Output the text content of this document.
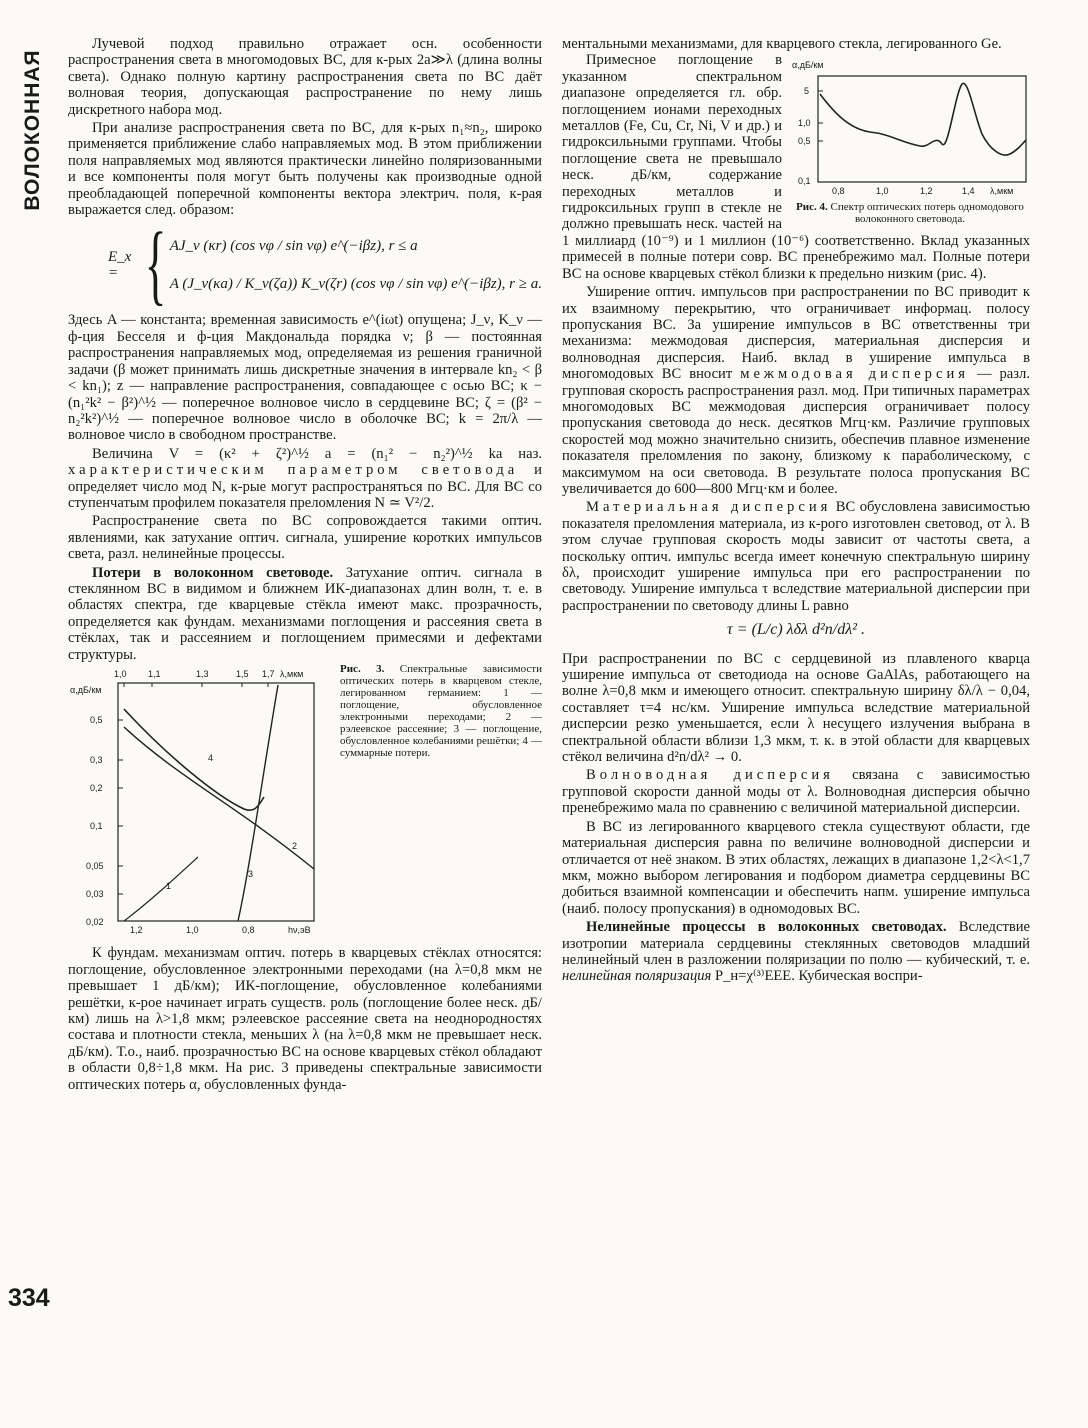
ВОЛОКОННАЯ
334

Лучевой подход правильно отражает осн. особенности распространения света в многомодовых ВС, для к-рых 2a≫λ (длина волны света). Однако полную картину распространения света по ВС даёт волновая теория, допускающая распространение по нему лишь дискретного набора мод.

При анализе распространения света по ВС, для к-рых n₁≈n₂, широко применяется приближение слабо направляемых мод. В этом приближении поля направляемых мод являются практически линейно поляризованными и все компоненты поля могут быть получены как производные одной преобладающей поперечной компоненты вектора электрич. поля, к-рая выражается след. образом:

E_x = { AJ_ν (κr) (cos νφ / sin νφ) e^(−iβz), r ≤ a
A (J_ν(κa) / K_ν(ζa)) K_ν(ζr) (cos νφ / sin νφ) e^(−iβz), r ≥ a.

Здесь A — константа; временная зависимость e^(iωt) опущена; J_ν, K_ν — ф-ция Бесселя и ф-ция Макдональда порядка ν; β — постоянная распространения направляемых мод, определяемая из решения граничной задачи (β может принимать лишь дискретные значения в интервале kn₂ < β < kn₁); z — направление распространения, совпадающее с осью ВС; κ − (n₁²k² − β²)^½ — поперечное волновое число в сердцевине ВС; ζ = (β² − n₂²k²)^½ — поперечное волновое число в оболочке ВС; k = 2π/λ — волновое число в свободном пространстве.

Величина V = (κ² + ζ²)^½ a = (n₁² − n₂²)^½ ka наз. характеристическим параметром световода и определяет число мод N, к-рые могут распространяться по ВС. Для ВС со ступенчатым профилем показателя преломления N ≃ V²/2.

Распространение света по ВС сопровождается такими оптич. явлениями, как затухание оптич. сигнала, уширение коротких импульсов света, разл. нелинейные процессы.

Потери в волоконном световоде. Затухание оптич. сигнала в стеклянном ВС в видимом и ближнем ИК-диапазонах длин волн, т. е. в областях спектра, где кварцевые стёкла имеют макс. прозрачность, определяется как фундам. механизмами поглощения и рассеяния света в стёклах, так и рассеянием и поглощением примесями и дефектами структуры.

1,0 1,1	1,3	1,5 1,7 λ,мкм
α,дБ/км
0,5
0,3
0,2
0,1
0,05
0,03
0,02
1,2	1,0	0,8	hν,эВ
4
2
3
1
Рис. 3. Спектральные зависимости оптических потерь в кварцевом стекле, легированном германием: 1 — поглощение, обусловленное электронными переходами; 2 — рэлеевское рассеяние; 3 — поглощение, обусловленное колебаниями решётки; 4 — суммарные потери.

К фундам. механизмам оптич. потерь в кварцевых стёклах относятся: поглощение, обусловленное электронными переходами (на λ=0,8 мкм не превышает 1 дБ/км); ИК-поглощение, обусловленное колебаниями решётки, к-рое начинает играть существ. роль (поглощение более неск. дБ/км) лишь на λ>1,8 мкм; рэлеевское рассеяние света на неоднородностях состава и плотности стекла, меньших λ (на λ=0,8 мкм не превышает неск. дБ/км). Т.о., наиб. прозрачностью ВС на основе кварцевых стёкол обладают в области 0,8÷1,8 мкм. На рис. 3 приведены спектральные зависимости оптических потерь α, обусловленных фунда-

ментальными механизмами, для кварцевого стекла, легированного Ge.

α,дБ/км
5
1,0
0,5
0,1
0,8	1,0	1,2	1,4 λ,мкм
Рис. 4. Спектр оптических потерь одномодового волоконного световода.

Примесное поглощение в указанном спектральном диапазоне определяется гл. обр. поглощением ионами переходных металлов (Fe, Cu, Cr, Ni, V и др.) и гидроксильными группами. Чтобы поглощение света не превышало неск. дБ/км, содержание переходных металлов и гидроксильных групп в стекле не должно превышать неск. частей на 1 миллиард (10⁻⁹) и 1 миллион (10⁻⁶) соответственно. Вклад указанных примесей в полные потери совр. ВС пренебрежимо мал. Полные потери ВС на основе кварцевых стёкол близки к предельно низким (рис. 4).

Уширение оптич. импульсов при распространении по ВС приводит к их взаимному перекрытию, что ограничивает информац. полосу пропускания ВС. За уширение импульсов в ВС ответственны три механизма: межмодовая дисперсия, материальная дисперсия и волноводная дисперсия. Наиб. вклад в уширение импульса в многомодовых ВС вносит межмодовая дисперсия — разл. групповая скорость распространения разл. мод. При типичных параметрах многомодовых ВС межмодовая дисперсия ограничивает полосу пропускания световода до неск. десятков Мгц·км. Различие групповых скоростей мод можно значительно снизить, обеспечив плавное изменение показателя преломления по закону, близкому к параболическому, с максимумом на оси световода. В результате полоса пропускания ВС увеличивается до 600—800 Мгц·км и более.

Материальная дисперсия ВС обусловлена зависимостью показателя преломления материала, из к-рого изготовлен световод, от λ. В этом случае групповая скорость моды зависит от частоты света, а поскольку оптич. импульс всегда имеет конечную спектральную ширину δλ, происходит уширение импульса при его распространении по световоду. Уширение импульса τ вследствие материальной дисперсии при распространении по световоду длины L равно

τ = (L/c) λδλ d²n/dλ² .

При распространении по ВС с сердцевиной из плавленого кварца уширение импульса от светодиода на основе GaAlAs, работающего на волне λ=0,8 мкм и имеющего относит. спектральную ширину δλ/λ − 0,04, составляет τ=4 нс/км. Уширение импульса вследствие материальной дисперсии резко уменьшается, если λ несущего излучения выбрана в спектральной области вблизи 1,3 мкм, т. к. в этой области для кварцевых стёкол величина d²n/dλ² → 0.

Волноводная дисперсия связана с зависимостью групповой скорости данной моды от λ. Волноводная дисперсия обычно пренебрежимо мала по сравнению с величиной материальной дисперсии.

В ВС из легированного кварцевого стекла существуют области, где материальная дисперсия равна по величине волноводной дисперсии и отличается от неё знаком. В этих областях, лежащих в диапазоне 1,2<λ<1,7 мкм, можно выбором легирования и подбором диаметра сердцевины ВС добиться взаимной компенсации и обеспечить напм. уширение импульса (наиб. полосу пропускания) в одномодовых ВС.

Нелинейные процессы в волоконных световодах. Вследствие изотропии материала сердцевины стеклянных световодов младший нелинейный член в разложении поляризации по полю — кубический, т. е. нелинейная поляризация P_н=χ⁽³⁾EEE. Кубическая воспри-
